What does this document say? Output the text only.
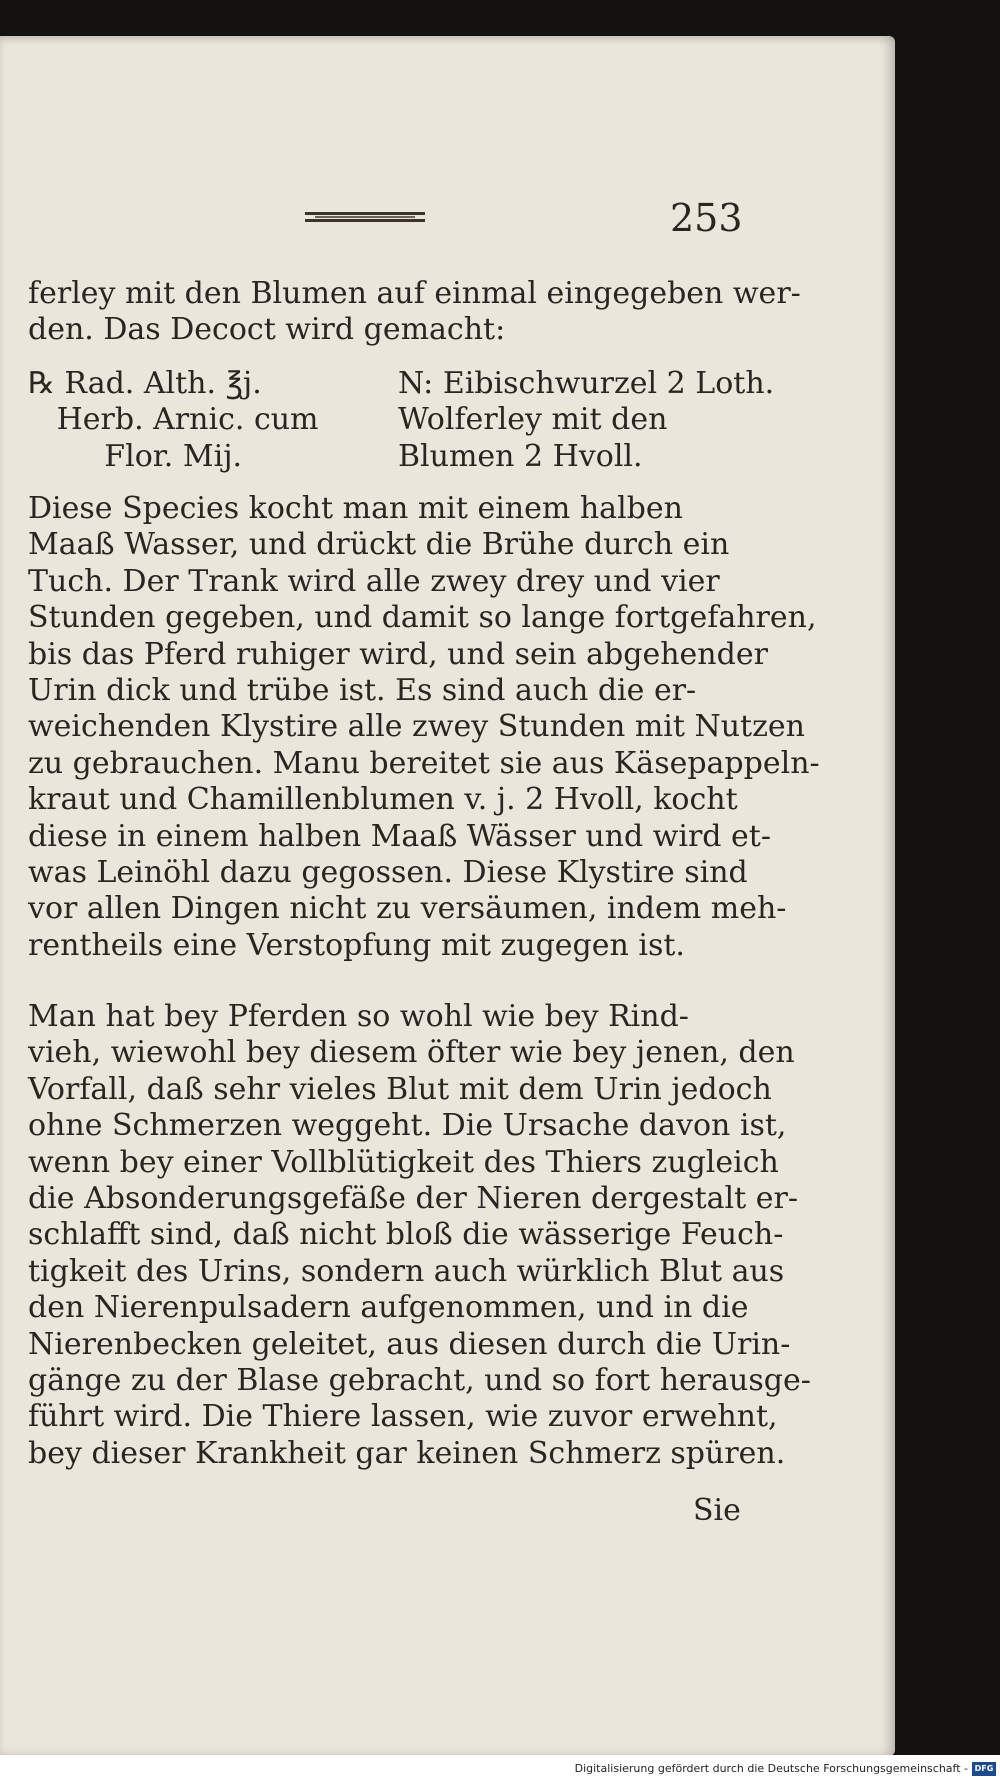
253
ferley mit den Blumen auf einmal eingegeben wer-
den. Das Decoct wird gemacht:
℞ Rad. Alth. ℥j.	N: Eibischwurzel 2 Loth.
Herb. Arnic. cum	Wolferley mit den
Flor. Mij.	Blumen 2 Hvoll.
Diese Species kocht man mit einem halben
Maaß Wasser, und drückt die Brühe durch ein
Tuch. Der Trank wird alle zwey drey und vier
Stunden gegeben, und damit so lange fortgefahren,
bis das Pferd ruhiger wird, und sein abgehender
Urin dick und trübe ist. Es sind auch die er-
weichenden Klystire alle zwey Stunden mit Nutzen
zu gebrauchen. Manu bereitet sie aus Käsepappeln-
kraut und Chamillenblumen v. j. 2 Hvoll, kocht
diese in einem halben Maaß Wässer und wird et-
was Leinöhl dazu gegossen. Diese Klystire sind
vor allen Dingen nicht zu versäumen, indem meh-
rentheils eine Verstopfung mit zugegen ist.
Man hat bey Pferden so wohl wie bey Rind-
vieh, wiewohl bey diesem öfter wie bey jenen, den
Vorfall, daß sehr vieles Blut mit dem Urin jedoch
ohne Schmerzen weggeht. Die Ursache davon ist,
wenn bey einer Vollblütigkeit des Thiers zugleich
die Absonderungsgefäße der Nieren dergestalt er-
schlafft sind, daß nicht bloß die wässerige Feuch-
tigkeit des Urins, sondern auch würklich Blut aus
den Nierenpulsadern aufgenommen, und in die
Nierenbecken geleitet, aus diesen durch die Urin-
gänge zu der Blase gebracht, und so fort herausge-
führt wird. Die Thiere lassen, wie zuvor erwehnt,
bey dieser Krankheit gar keinen Schmerz spüren.
Sie
Digitalisierung gefördert durch die Deutsche Forschungsgemeinschaft - DFG
